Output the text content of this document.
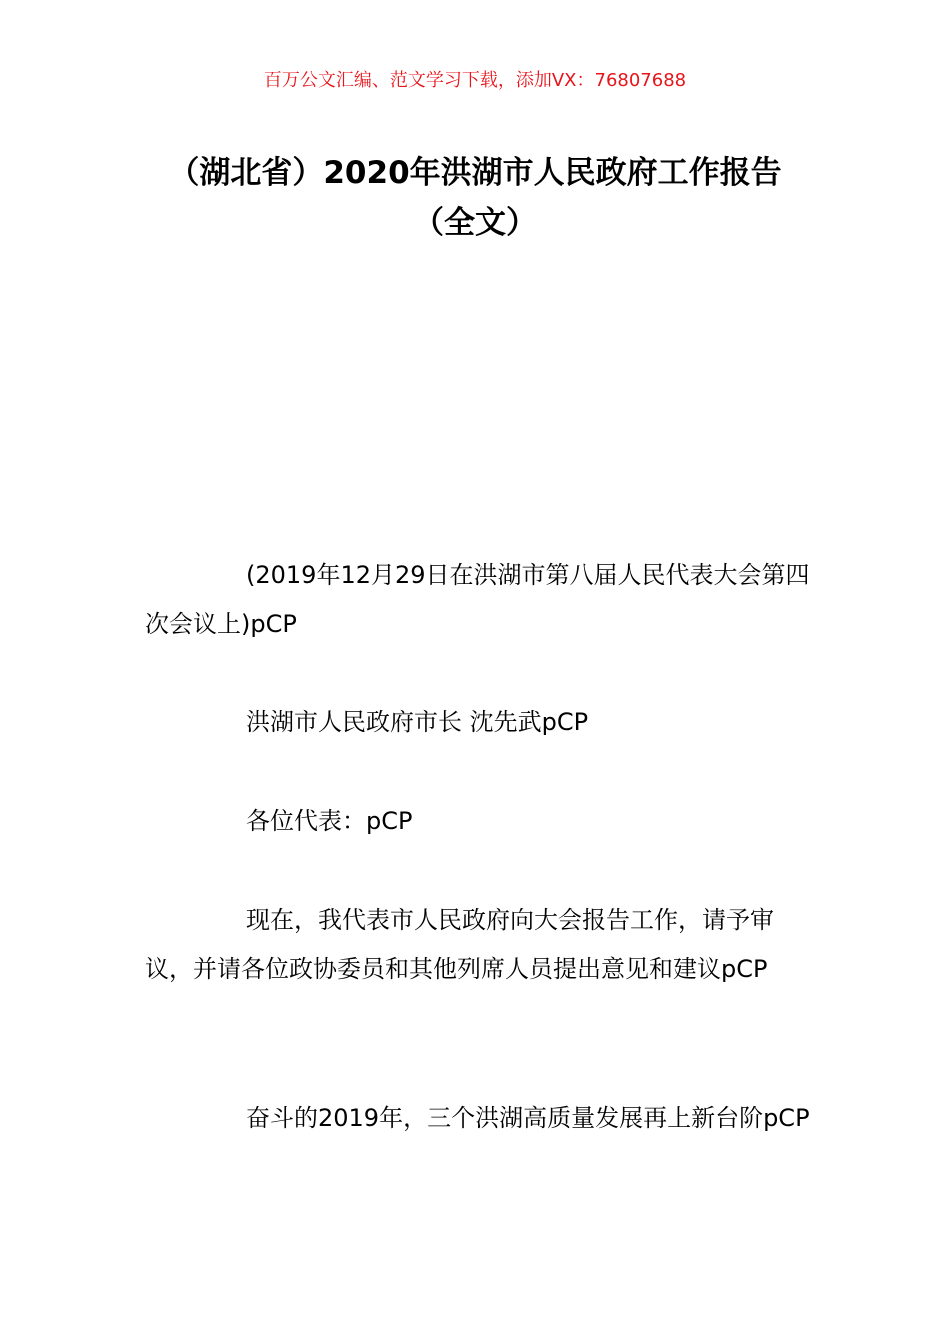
百万公文汇编、范文学习下载，添加VX：76807688
（湖北省）2020年洪湖市人民政府工作报告（全文）
(2019年12月29日在洪湖市第八届人民代表大会第四次会议上)pCP
洪湖市人民政府市长 沈先武pCP
各位代表：pCP
现在，我代表市人民政府向大会报告工作，请予审议，并请各位政协委员和其他列席人员提出意见和建议pCP
奋斗的2019年，三个洪湖高质量发展再上新台阶pCP
